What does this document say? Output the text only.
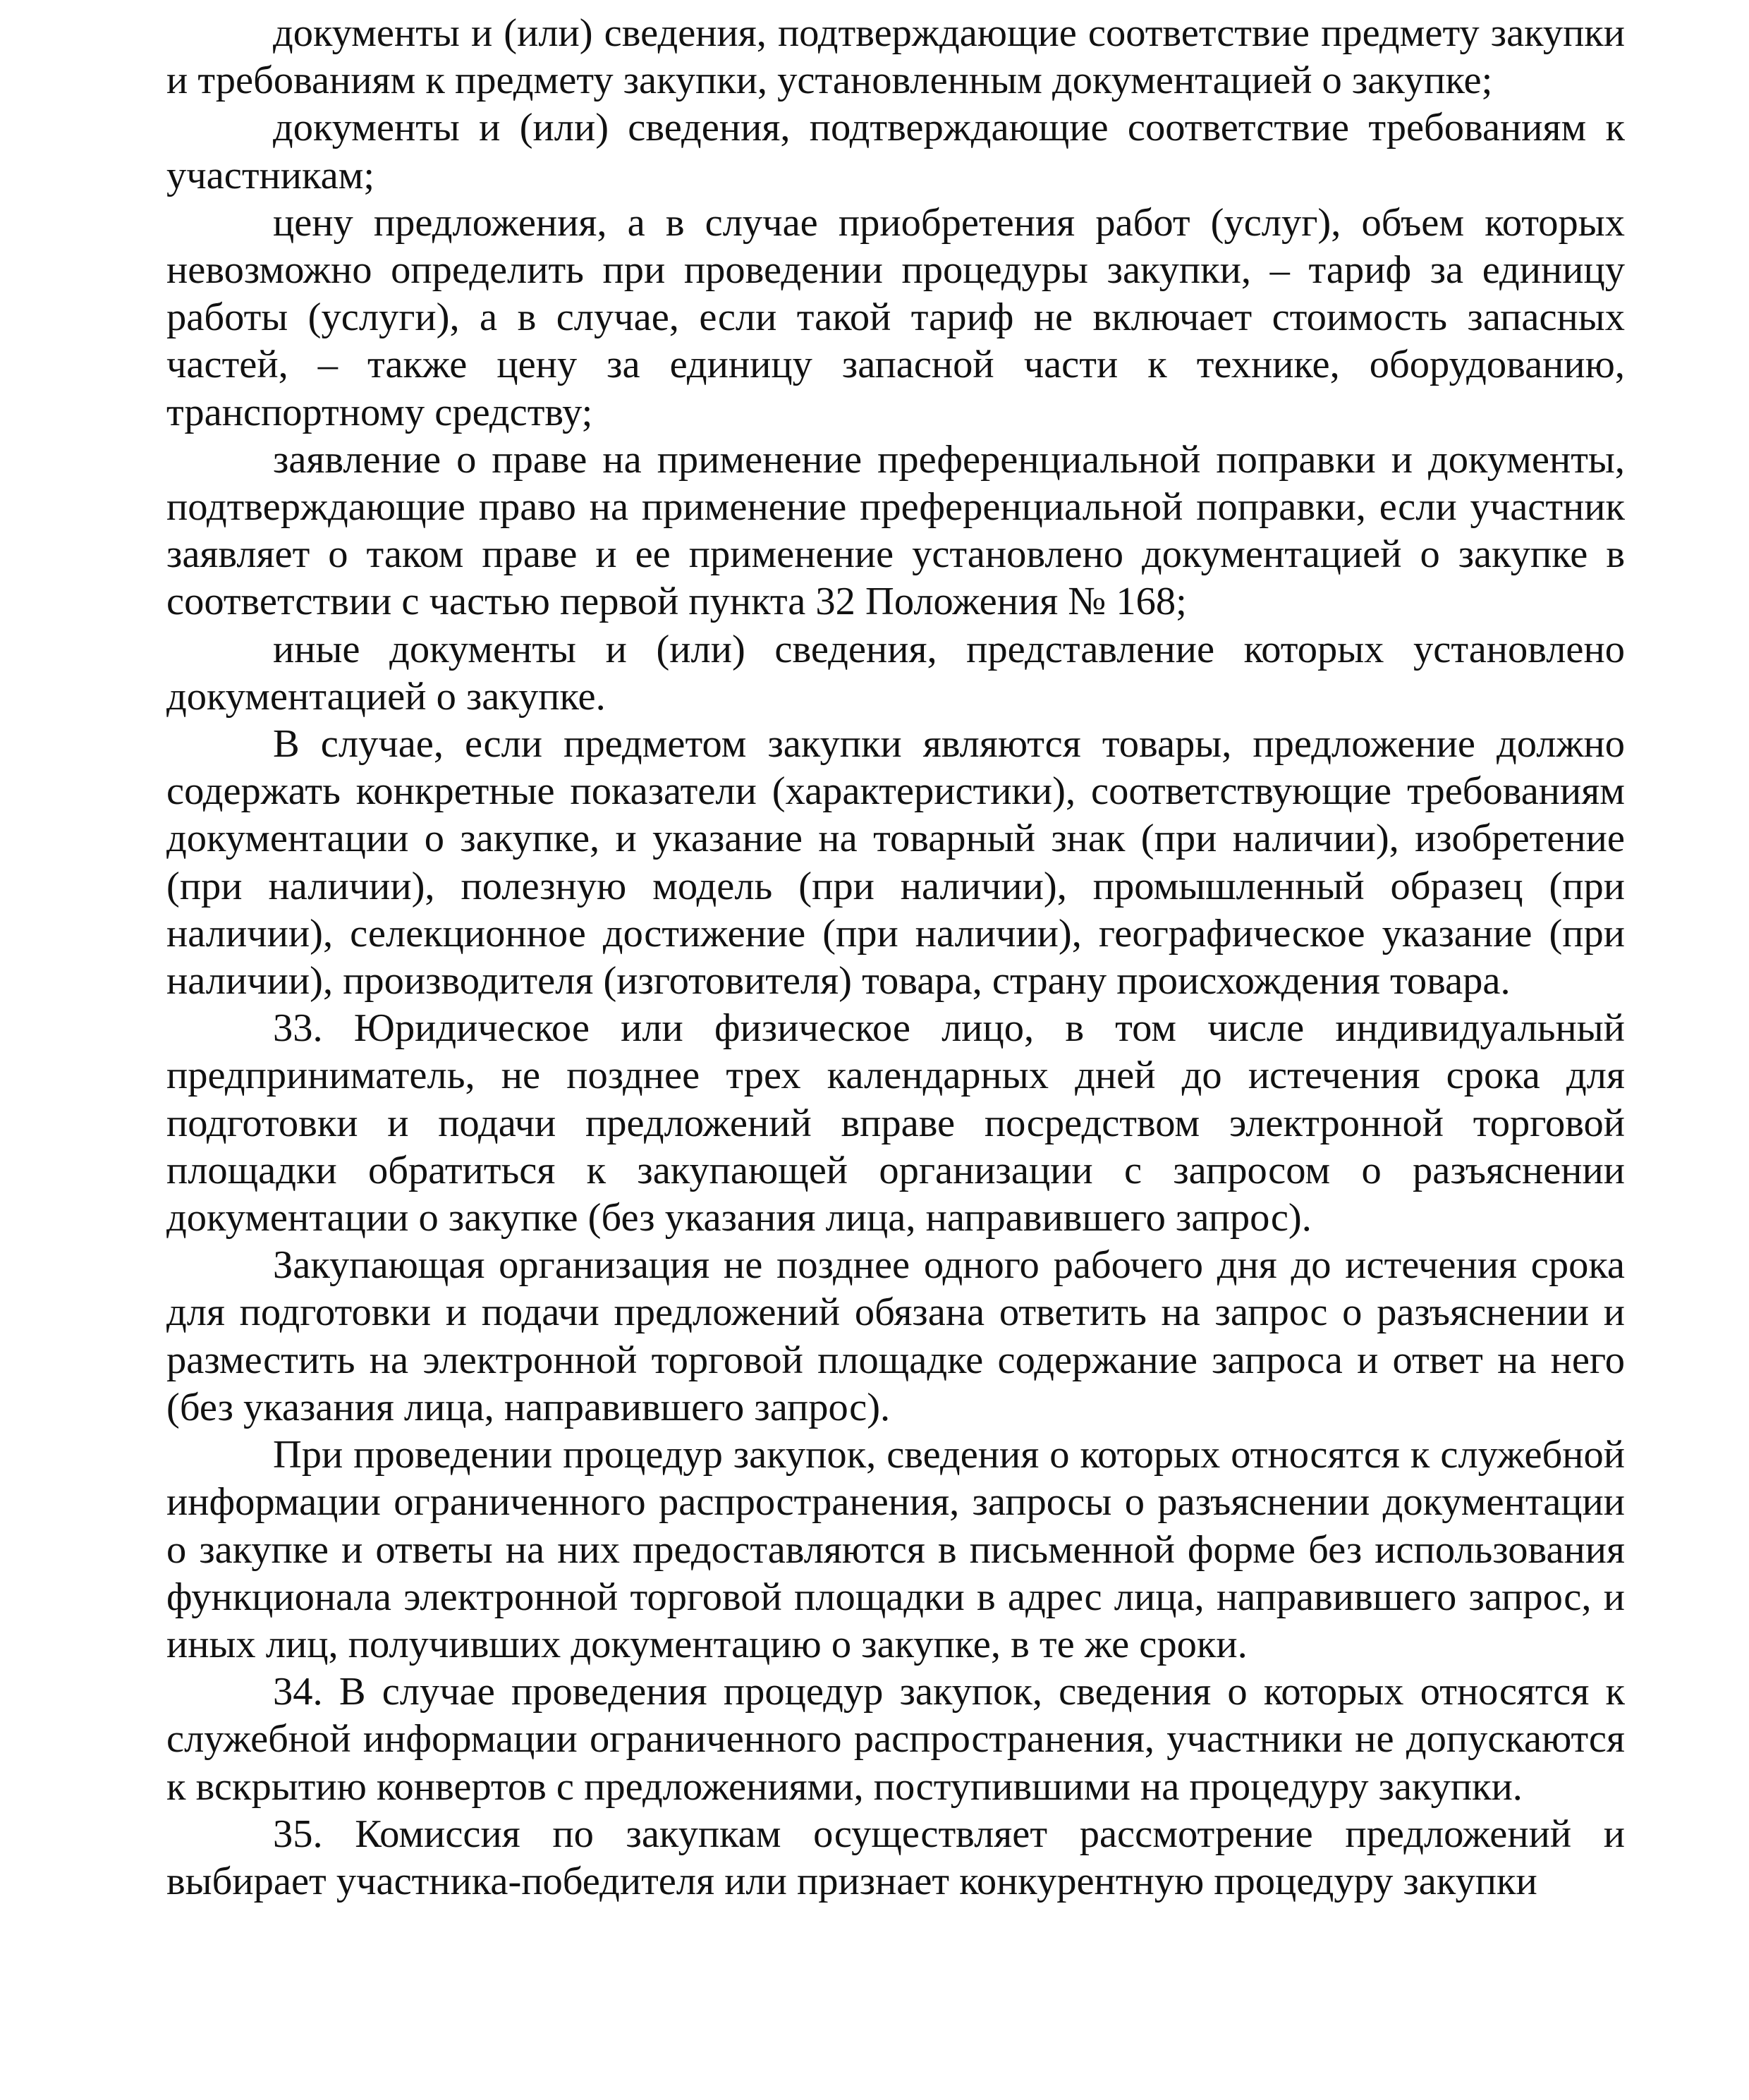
документы и (или) сведения, подтверждающие соответствие предмету закупки и требованиям к предмету закупки, установленным документацией о закупке;

документы и (или) сведения, подтверждающие соответствие требованиям к участникам;

цену предложения, а в случае приобретения работ (услуг), объем которых невозможно определить при проведении процедуры закупки, – тариф за единицу работы (услуги), а в случае, если такой тариф не включает стоимость запасных частей, – также цену за единицу запасной части к технике, оборудованию, транспортному средству;

заявление о праве на применение преференциальной поправки и документы, подтверждающие право на применение преференциальной поправки, если участник заявляет о таком праве и ее применение установлено документацией о закупке в соответствии с частью первой пункта 32 Положения № 168;

иные документы и (или) сведения, представление которых установлено документацией о закупке.

В случае, если предметом закупки являются товары, предложение должно содержать конкретные показатели (характеристики), соответствующие требованиям документации о закупке, и указание на товарный знак (при наличии), изобретение (при наличии), полезную модель (при наличии), промышленный образец (при наличии), селекционное достижение (при наличии), географическое указание (при наличии), производителя (изготовителя) товара, страну происхождения товара.

33. Юридическое или физическое лицо, в том числе индивидуальный предприниматель, не позднее трех календарных дней до истечения срока для подготовки и подачи предложений вправе посредством электронной торговой площадки обратиться к закупающей организации с запросом о разъяснении документации о закупке (без указания лица, направившего запрос).

Закупающая организация не позднее одного рабочего дня до истечения срока для подготовки и подачи предложений обязана ответить на запрос о разъяснении и разместить на электронной торговой площадке содержание запроса и ответ на него (без указания лица, направившего запрос).

При проведении процедур закупок, сведения о которых относятся к служебной информации ограниченного распространения, запросы о разъяснении документации о закупке и ответы на них предоставляются в письменной форме без использования функционала электронной торговой площадки в адрес лица, направившего запрос, и иных лиц, получивших документацию о закупке, в те же сроки.

34. В случае проведения процедур закупок, сведения о которых относятся к служебной информации ограниченного распространения, участники не допускаются к вскрытию конвертов с предложениями, поступившими на процедуру закупки.

35. Комиссия по закупкам осуществляет рассмотрение предложений и выбирает участника-победителя или признает конкурентную процедуру закупки
